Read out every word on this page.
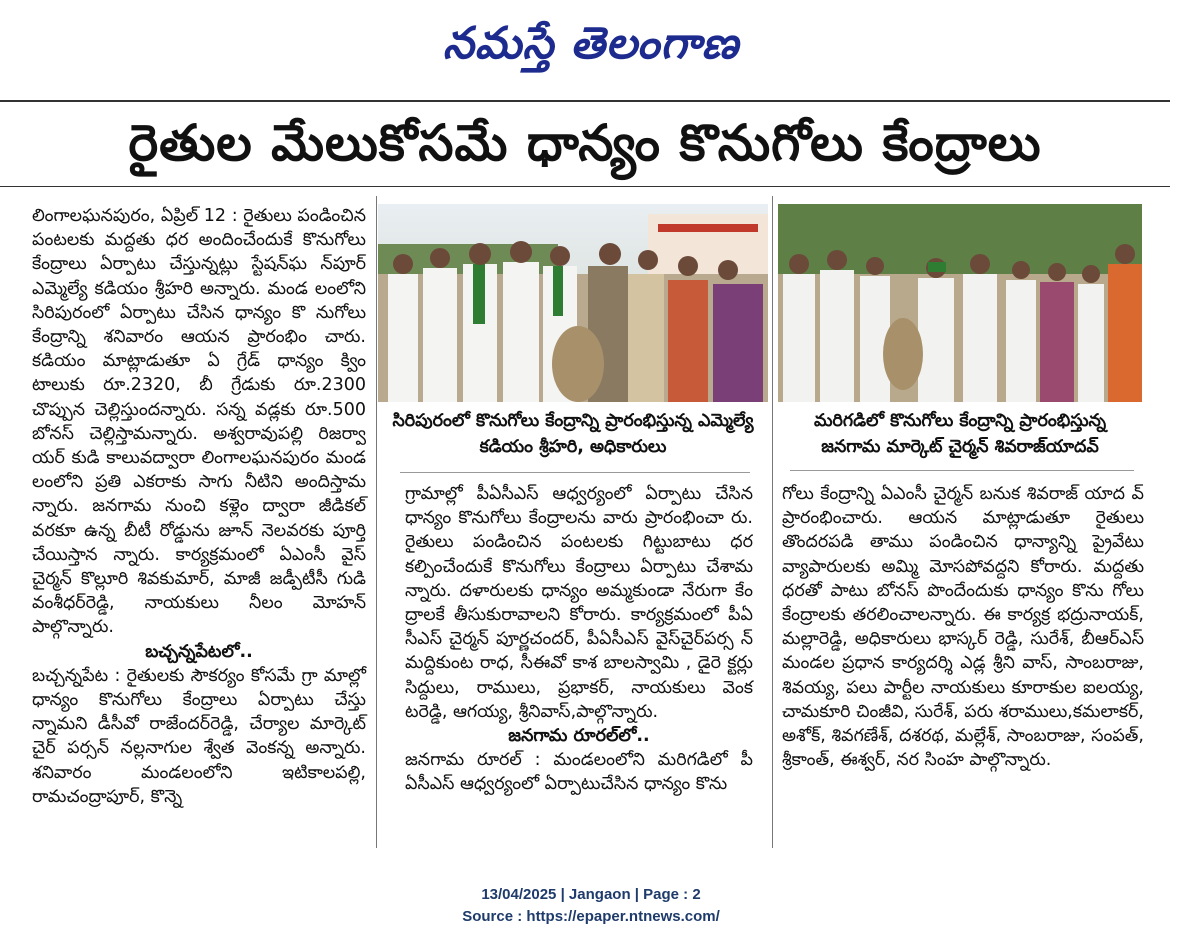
నమస్తే తెలంగాణ
రైతుల మేలుకోసమే ధాన్యం కొనుగోలు కేంద్రాలు

లింగాలఘనపురం, ఏప్రిల్ 12 : రైతులు పండించిన పంటలకు మద్దతు ధర అందించేందుకే కొనుగోలు కేంద్రాలు ఏర్పాటు చేస్తున్నట్లు స్టేషన్‌ఘ న్‌పూర్ ఎమ్మెల్యే కడియం శ్రీహరి అన్నారు. మండ లంలోని సిరిపురంలో ఏర్పాటు చేసిన ధాన్యం కొ నుగోలు కేంద్రాన్ని శనివారం ఆయన ప్రారంభిం చారు. కడియం మాట్లాడుతూ ఏ గ్రేడ్ ధాన్యం క్విం టాలుకు రూ.2320, బీ గ్రేడుకు రూ.2300 చొప్పున చెల్లిస్తుందన్నారు. సన్న వడ్లకు రూ.500 బోనస్ చెల్లిస్తామన్నారు. అశ్వరావుపల్లి రిజర్వా యర్ కుడి కాలువద్వారా లింగాలఘనపురం మండ లంలోని ప్రతి ఎకరాకు సాగు నీటిని అందిస్తామ న్నారు. జనగామ నుంచి కళ్లెం ద్వారా జీడికల్ వరకూ ఉన్న బీటీ రోడ్డును జూన్ నెలవరకు పూర్తి చేయిస్తాన న్నారు. కార్యక్రమంలో ఏఎంసీ వైస్ చైర్మన్ కొల్లూరి శివకుమార్, మాజీ జడ్పీటీసీ గుడి వంశీధర్‌రెడ్డి, నాయకులు నీలం మోహన్ పాల్గొన్నారు.

బచ్చన్నపేటలో..

బచ్చన్నపేట : రైతులకు సౌకర్యం కోసమే గ్రా మాల్లో ధాన్యం కొనుగోలు కేంద్రాలు ఏర్పాటు చేస్తు న్నామని డీసీవో రాజేందర్‌రెడ్డి, చేర్యాల మార్కెట్ చైర్ పర్సన్ నల్లనాగుల శ్వేత వెంకన్న అన్నారు. శనివారం మండలంలోని ఇటికాలపల్లి, రామచంద్రాపూర్, కొన్నె

సిరిపురంలో కొనుగోలు కేంద్రాన్ని ప్రారంభిస్తున్న ఎమ్మెల్యే కడియం శ్రీహరి, అధికారులు
మరిగడిలో కొనుగోలు కేంద్రాన్ని ప్రారంభిస్తున్న జనగామ మార్కెట్ చైర్మన్ శివరాజ్‌యాదవ్

గ్రామాల్లో పీఏసీఎస్ ఆధ్వర్యంలో ఏర్పాటు చేసిన ధాన్యం కొనుగోలు కేంద్రాలను వారు ప్రారంభించా రు. రైతులు పండించిన పంటలకు గిట్టుబాటు ధర కల్పించేందుకే కొనుగోలు కేంద్రాలు ఏర్పాటు చేశామ న్నారు. దళారులకు ధాన్యం అమ్మకుండా నేరుగా కేం ద్రాలకే తీసుకురావాలని కోరారు. కార్యక్రమంలో పీఏ సీఎస్ చైర్మన్ పూర్ణచందర్, పీఏసీఎస్ వైస్‌చైర్‌పర్స న్ మద్దికుంట రాధ, సీఈవో కాశ బాలస్వామి , డైరె క్టర్లు సిద్దులు, రాములు, ప్రభాకర్, నాయకులు వెంక టరెడ్డి, ఆగయ్య, శ్రీనివాస్,పాల్గొన్నారు.

జనగామ రూరల్‌లో..

జనగామ రూరల్ : మండలంలోని మరిగడిలో పీ ఏసీఎస్ ఆధ్వర్యంలో ఏర్పాటుచేసిన ధాన్యం కొను

గోలు కేంద్రాన్ని ఏఎంసీ చైర్మన్ బనుక శివరాజ్ యాద వ్ ప్రారంభించారు. ఆయన మాట్లాడుతూ రైతులు తొందరపడి తాము పండించిన ధాన్యాన్ని ప్రైవేటు వ్యాపారులకు అమ్మి మోసపోవద్దని కోరారు. మద్దతు ధరతో పాటు బోనస్ పొందేందుకు ధాన్యం కొను గోలు కేంద్రాలకు తరలించాలన్నారు. ఈ కార్యక్ర భద్రునాయక్, మల్లారెడ్డి, అధికారులు భాస్కర్ రెడ్డి, సురేశ్, బీఆర్ఎస్ మండల ప్రధాన కార్యదర్శి ఎడ్ల శ్రీని వాస్, సాంబరాజు, శివయ్య, పలు పార్టీల నాయకులు కూరాకుల ఐలయ్య, చామకూరి చింజీవి, సురేశ్, పరు శరాములు,కమలాకర్, అశోక్, శివగణేశ్, దశరథ, మల్లేశ్, సాంబరాజు, సంపత్, శ్రీకాంత్, ఈశ్వర్, నర సింహ పాల్గొన్నారు.

13/04/2025 | Jangaon | Page : 2
Source : https://epaper.ntnews.com/
